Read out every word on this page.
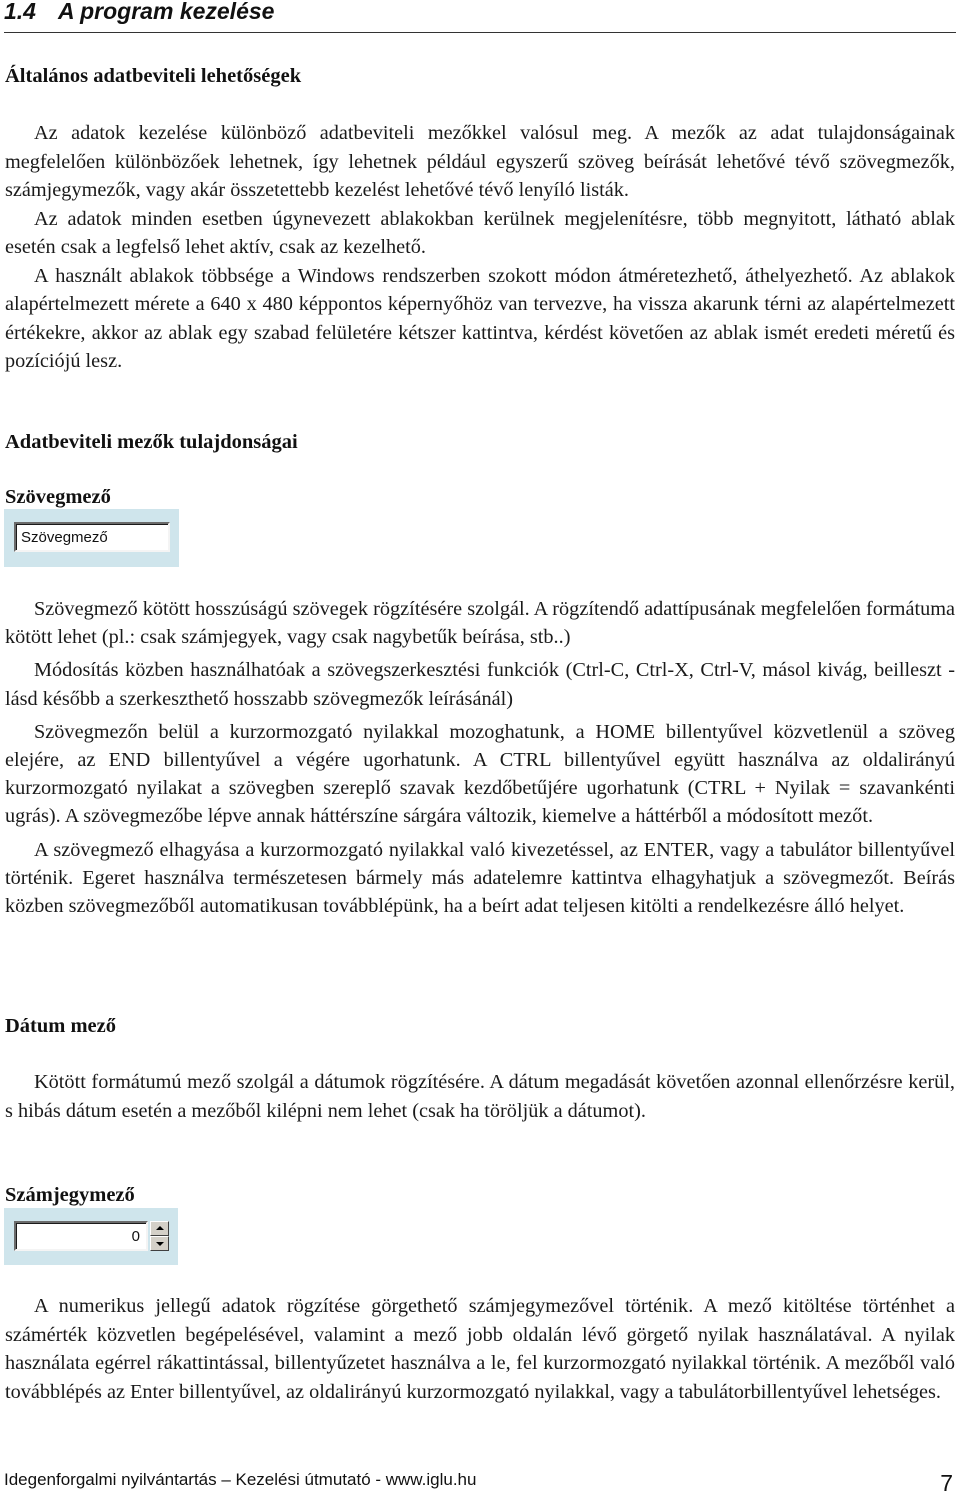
1.4 A program kezelése
Általános adatbeviteli lehetőségek

Az adatok kezelése különböző adatbeviteli mezőkkel valósul meg. A mezők az adat tulajdonságainak megfelelően különbözőek lehetnek, így lehetnek például egyszerű szöveg beírását lehetővé tévő szövegmezők, számjegymezők, vagy akár összetettebb kezelést lehetővé tévő lenyíló listák.

Az adatok minden esetben úgynevezett ablakokban kerülnek megjelenítésre, több megnyitott, látható ablak esetén csak a legfelső lehet aktív, csak az kezelhető.

A használt ablakok többsége a Windows rendszerben szokott módon átméretezhető, áthelyezhető. Az ablakok alapértelmezett mérete a 640 x 480 képpontos képernyőhöz van tervezve, ha vissza akarunk térni az alapértelmezett értékekre, akkor az ablak egy szabad felületére kétszer kattintva, kérdést követően az ablak ismét eredeti méretű és pozíciójú lesz.

Adatbeviteli mezők tulajdonságai
Szövegmező
Szövegmező

Szövegmező kötött hosszúságú szövegek rögzítésére szolgál. A rögzítendő adattípusának megfelelően formátuma kötött lehet (pl.: csak számjegyek, vagy csak nagybetűk beírása, stb..)

Módosítás közben használhatóak a szövegszerkesztési funkciók (Ctrl-C, Ctrl-X, Ctrl-V, másol kivág, beilleszt - lásd később a szerkeszthető hosszabb szövegmezők leírásánál)

Szövegmezőn belül a kurzormozgató nyilakkal mozoghatunk, a HOME billentyűvel közvetlenül a szöveg elejére, az END billentyűvel a végére ugorhatunk. A CTRL billentyűvel együtt használva az oldalirányú kurzormozgató nyilakat a szövegben szereplő szavak kezdőbetűjére ugorhatunk (CTRL + Nyilak = szavankénti ugrás). A szövegmezőbe lépve annak háttérszíne sárgára változik, kiemelve a háttérből a módosított mezőt.

A szövegmező elhagyása a kurzormozgató nyilakkal való kivezetéssel, az ENTER, vagy a tabulátor billentyűvel történik. Egeret használva természetesen bármely más adatelemre kattintva elhagyhatjuk a szövegmezőt. Beírás közben szövegmezőből automatikusan továbblépünk, ha a beírt adat teljesen kitölti a rendelkezésre álló helyet.

Dátum mező

Kötött formátumú mező szolgál a dátumok rögzítésére. A dátum megadását követően azonnal ellenőrzésre kerül, s hibás dátum esetén a mezőből kilépni nem lehet (csak ha töröljük a dátumot).

Számjegymező
0

A numerikus jellegű adatok rögzítése görgethető számjegymezővel történik. A mező kitöltése történhet a számérték közvetlen begépelésével, valamint a mező jobb oldalán lévő görgető nyilak használatával. A nyilak használata egérrel rákattintással, billentyűzetet használva a le, fel kurzormozgató nyilakkal történik. A mezőből való továbblépés az Enter billentyűvel, az oldalirányú kurzormozgató nyilakkal, vagy a tabulátorbillentyűvel lehetséges.

Idegenforgalmi nyilvántartás – Kezelési útmutató - www.iglu.hu	7
